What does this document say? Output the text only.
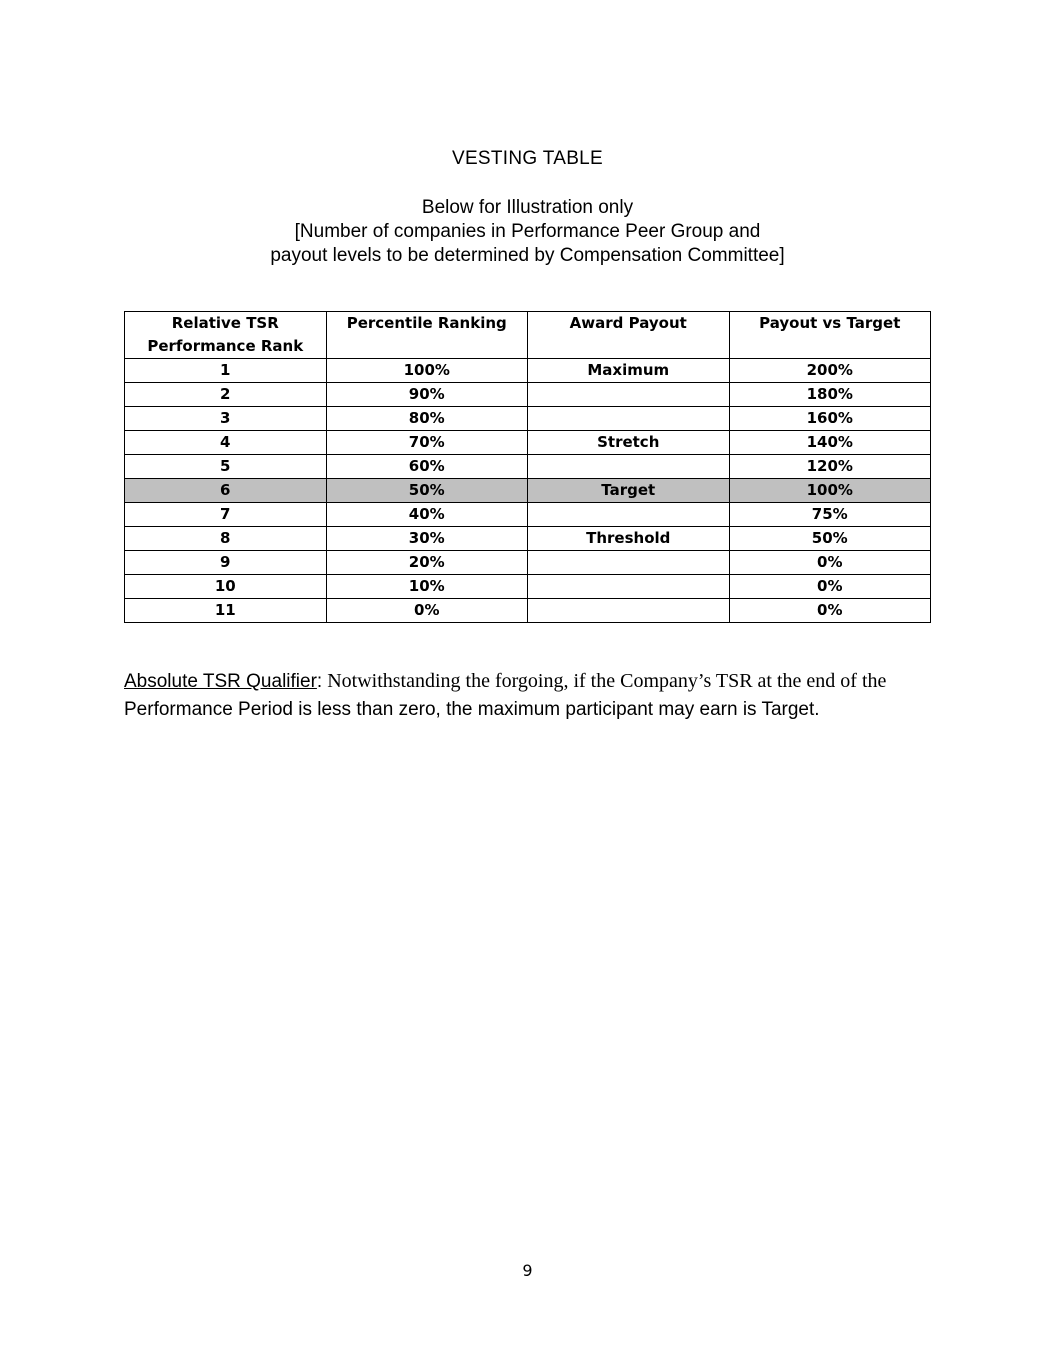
VESTING TABLE
Below for Illustration only
[Number of companies in Performance Peer Group and
payout levels to be determined by Compensation Committee]
Relative TSR Performance Rank	Percentile Ranking	Award Payout	Payout vs Target
1	100%	Maximum	200%
2	90%		180%
3	80%		160%
4	70%	Stretch	140%
5	60%		120%
6	50%	Target	100%
7	40%		75%
8	30%	Threshold	50%
9	20%		0%
10	10%		0%
11	0%		0%
Absolute TSR Qualifier: Notwithstanding the forgoing, if the Company’s TSR at the end of the Performance Period is less than zero, the maximum participant may earn is Target.
9
